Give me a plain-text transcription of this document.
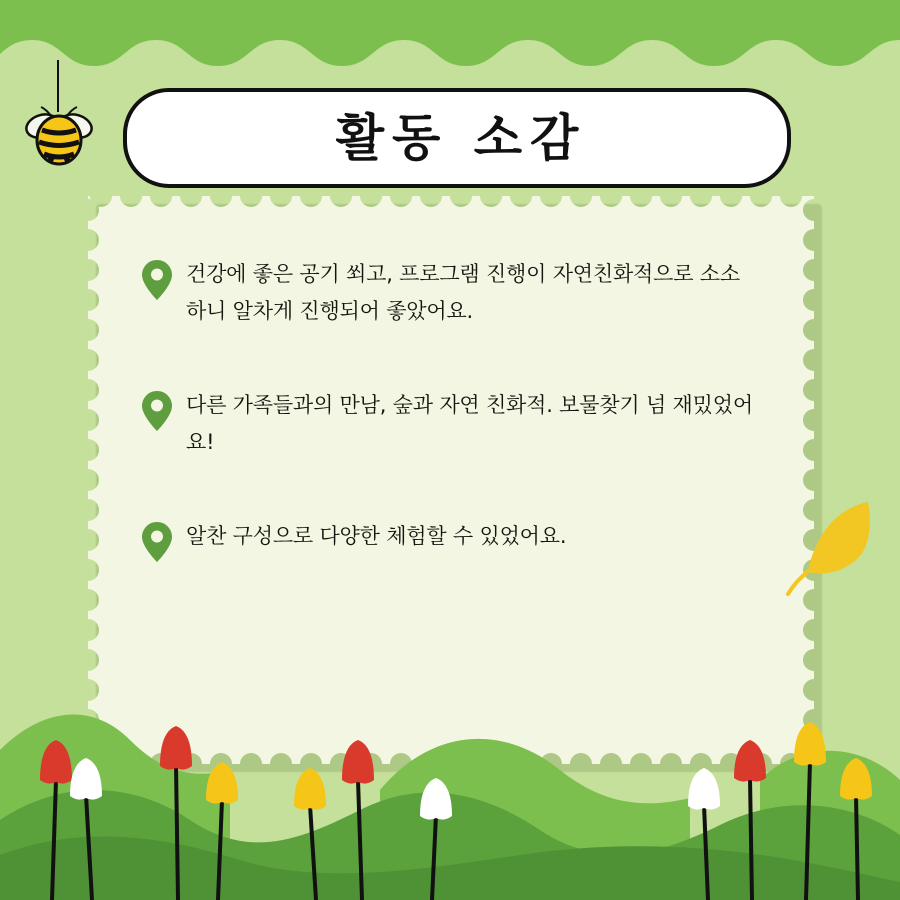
활동 소감
건강에 좋은 공기 쐬고, 프로그램 진행이 자연친화적으로 소소하니 알차게 진행되어 좋았어요.
다른 가족들과의 만남, 숲과 자연 친화적. 보물찾기 넘 재밌었어요!
알찬 구성으로 다양한 체험할 수 있었어요.
